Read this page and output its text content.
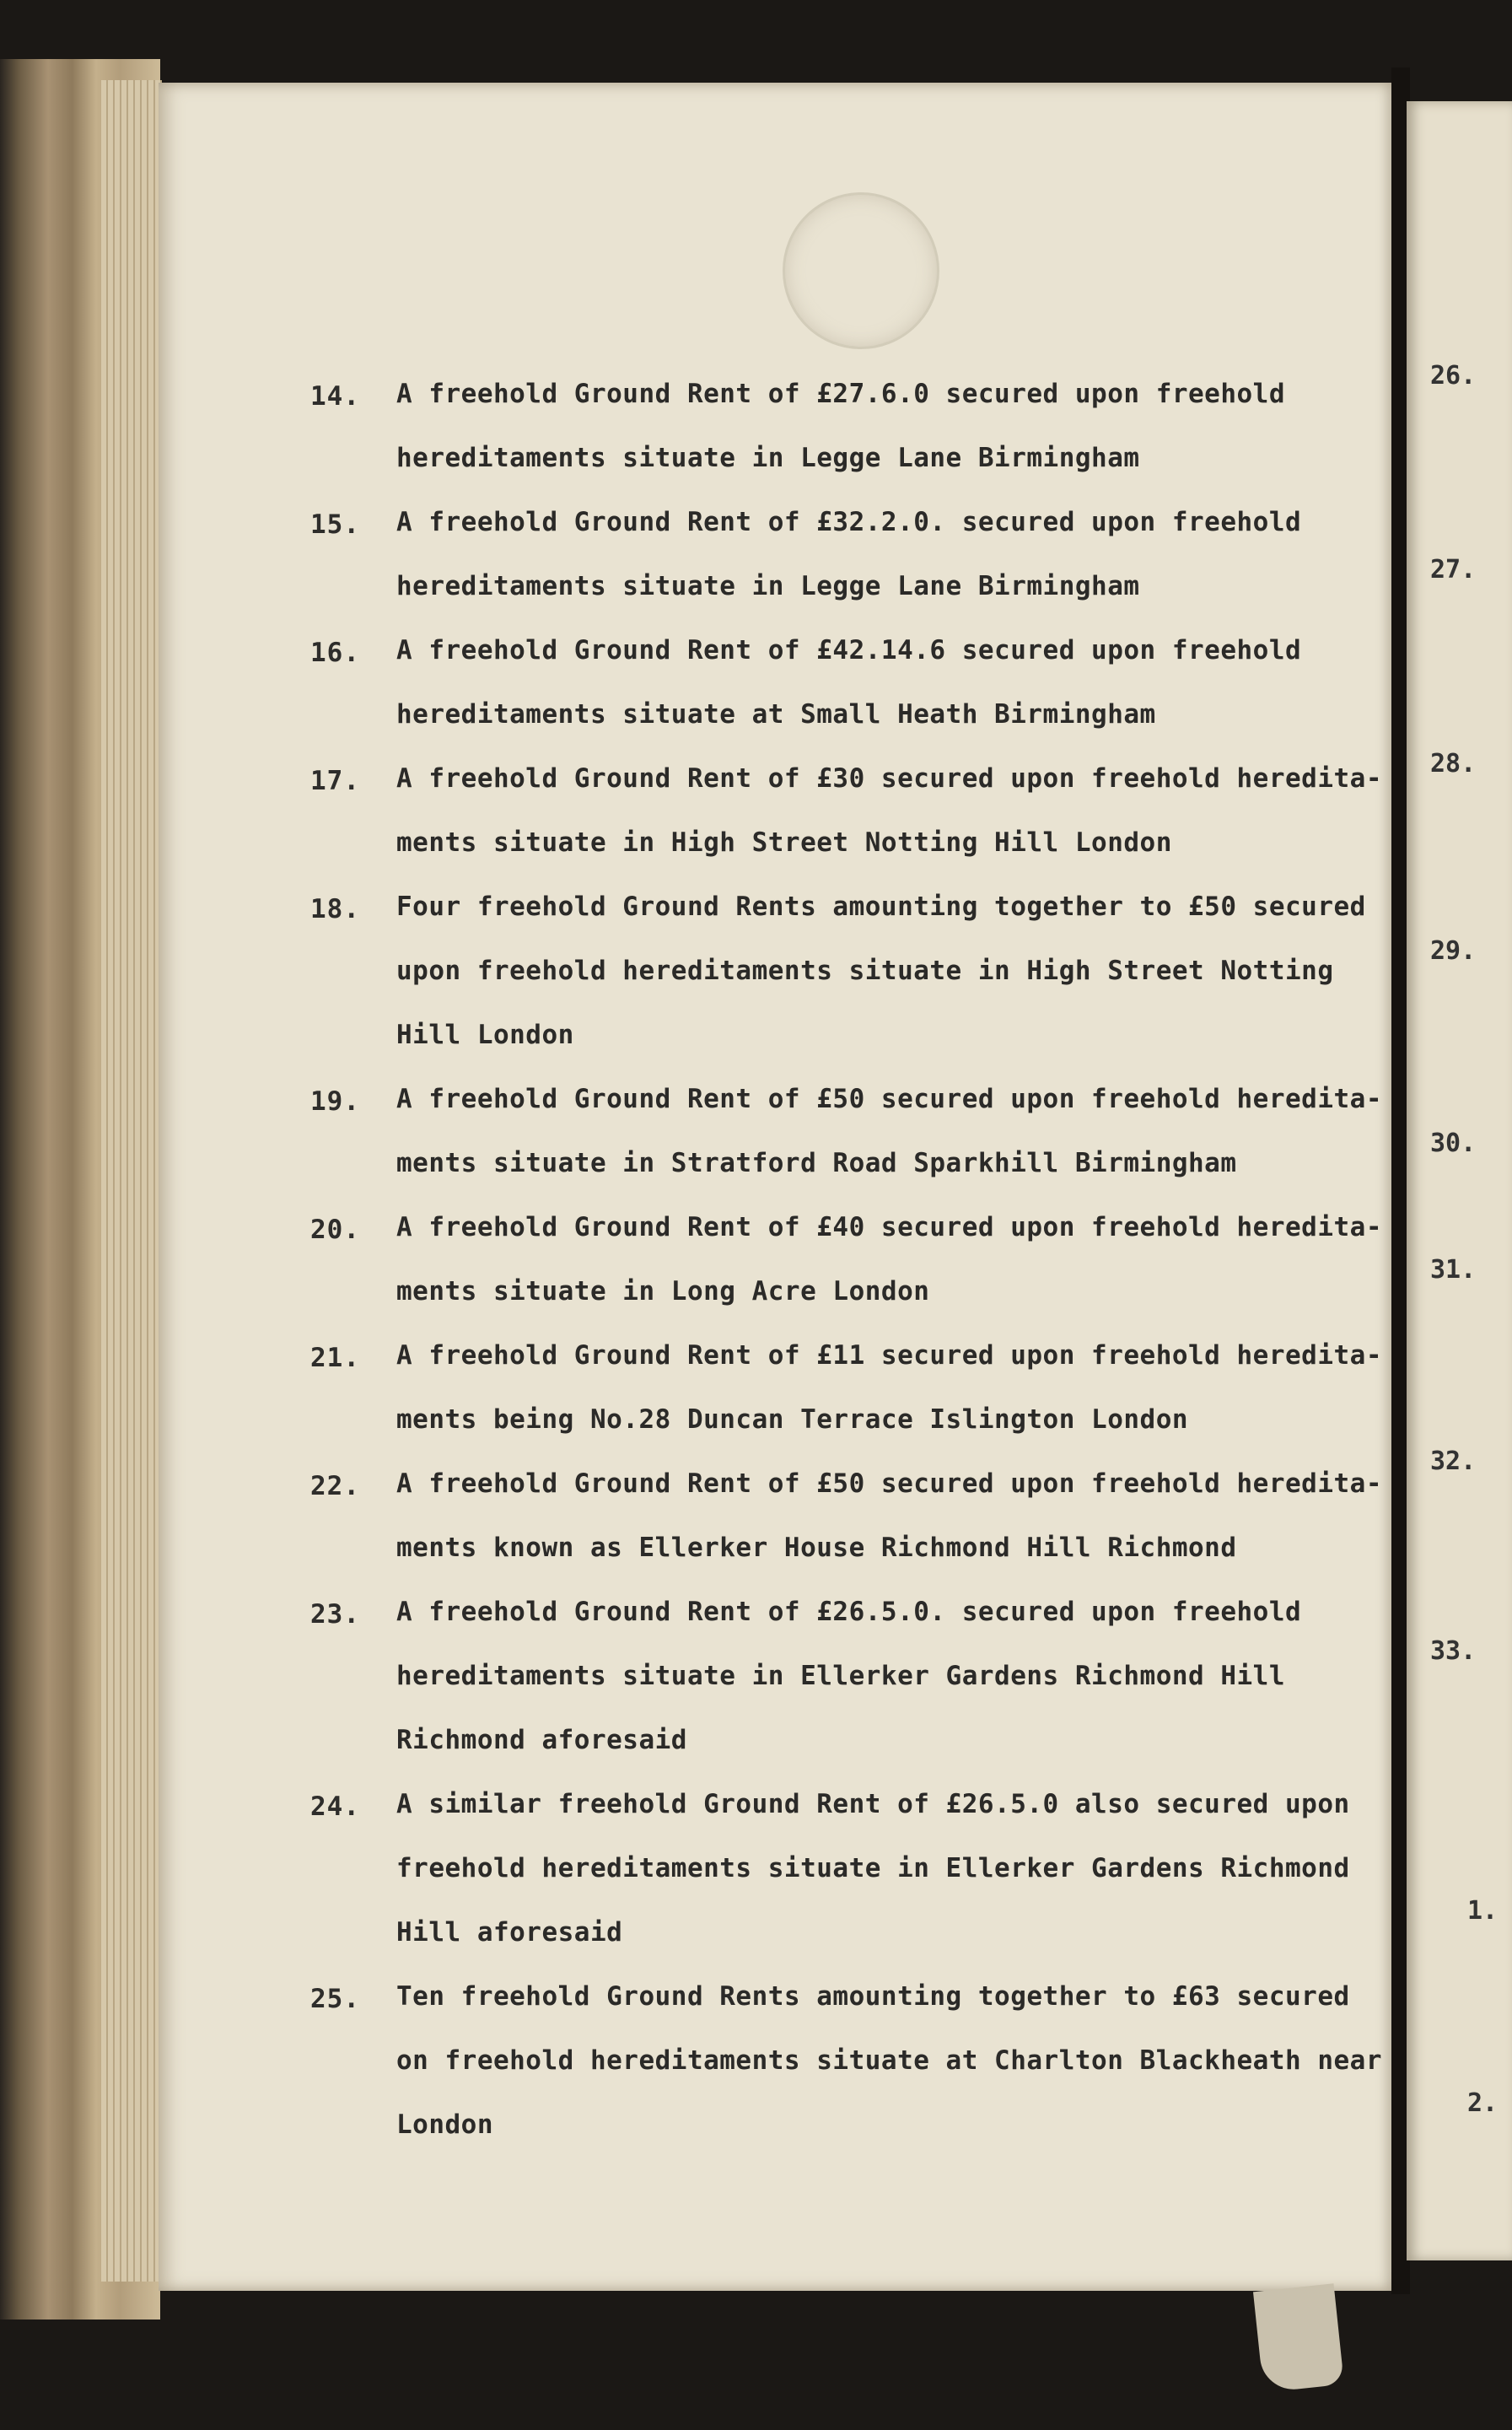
14. A freehold Ground Rent of £27.6.0 secured upon freehold
hereditaments situate in Legge Lane Birmingham
15. A freehold Ground Rent of £32.2.0. secured upon freehold
hereditaments situate in Legge Lane Birmingham
16. A freehold Ground Rent of £42.14.6 secured upon freehold
hereditaments situate at Small Heath Birmingham
17. A freehold Ground Rent of £30 secured upon freehold heredita-
ments situate in High Street Notting Hill London
18. Four freehold Ground Rents amounting together to £50 secured
upon freehold hereditaments situate in High Street Notting
Hill London
19. A freehold Ground Rent of £50 secured upon freehold heredita-
ments situate in Stratford Road Sparkhill Birmingham
20. A freehold Ground Rent of £40 secured upon freehold heredita-
ments situate in Long Acre London
21. A freehold Ground Rent of £11 secured upon freehold heredita-
ments being No.28 Duncan Terrace Islington London
22. A freehold Ground Rent of £50 secured upon freehold heredita-
ments known as Ellerker House Richmond Hill Richmond
23. A freehold Ground Rent of £26.5.0. secured upon freehold
hereditaments situate in Ellerker Gardens Richmond Hill
Richmond aforesaid
24. A similar freehold Ground Rent of £26.5.0 also secured upon
freehold hereditaments situate in Ellerker Gardens Richmond
Hill aforesaid
25. Ten freehold Ground Rents amounting together to £63 secured
on freehold hereditaments situate at Charlton Blackheath near
London
26.
27.
28.
29.
30.
31.
32.
33.
1.
2.
